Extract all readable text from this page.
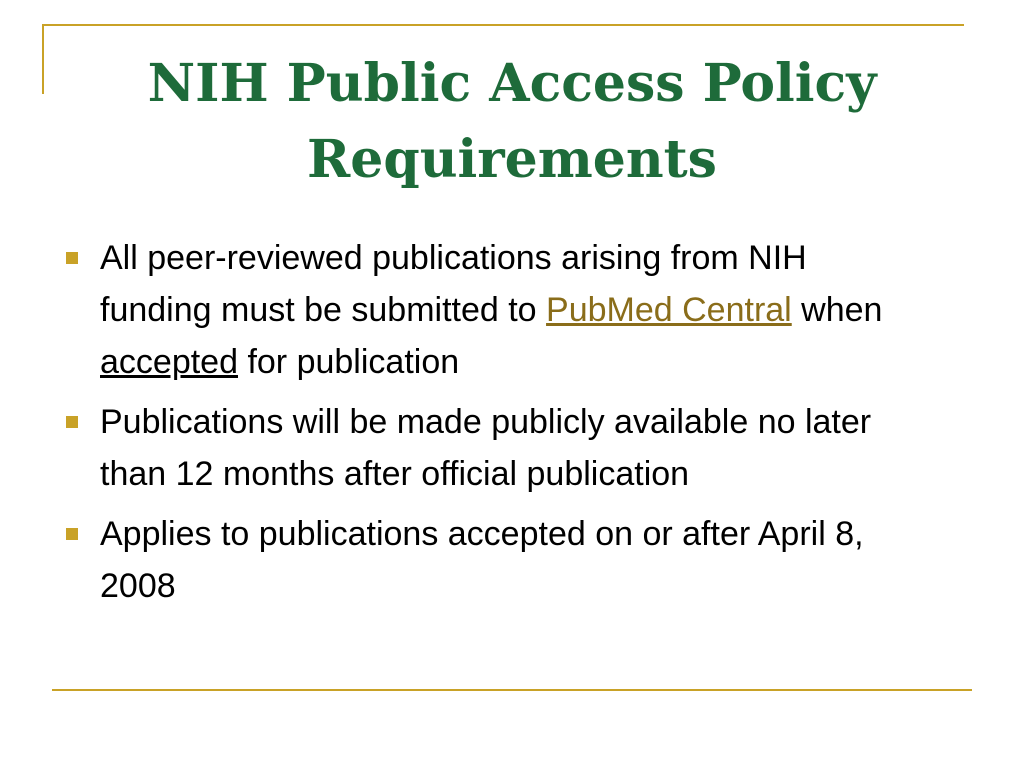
NIH Public Access Policy
Requirements
All peer-reviewed publications arising from NIH funding must be submitted to PubMed Central when accepted for publication
Publications will be made publicly available no later than 12 months after official publication
Applies to publications accepted on or after April 8, 2008
